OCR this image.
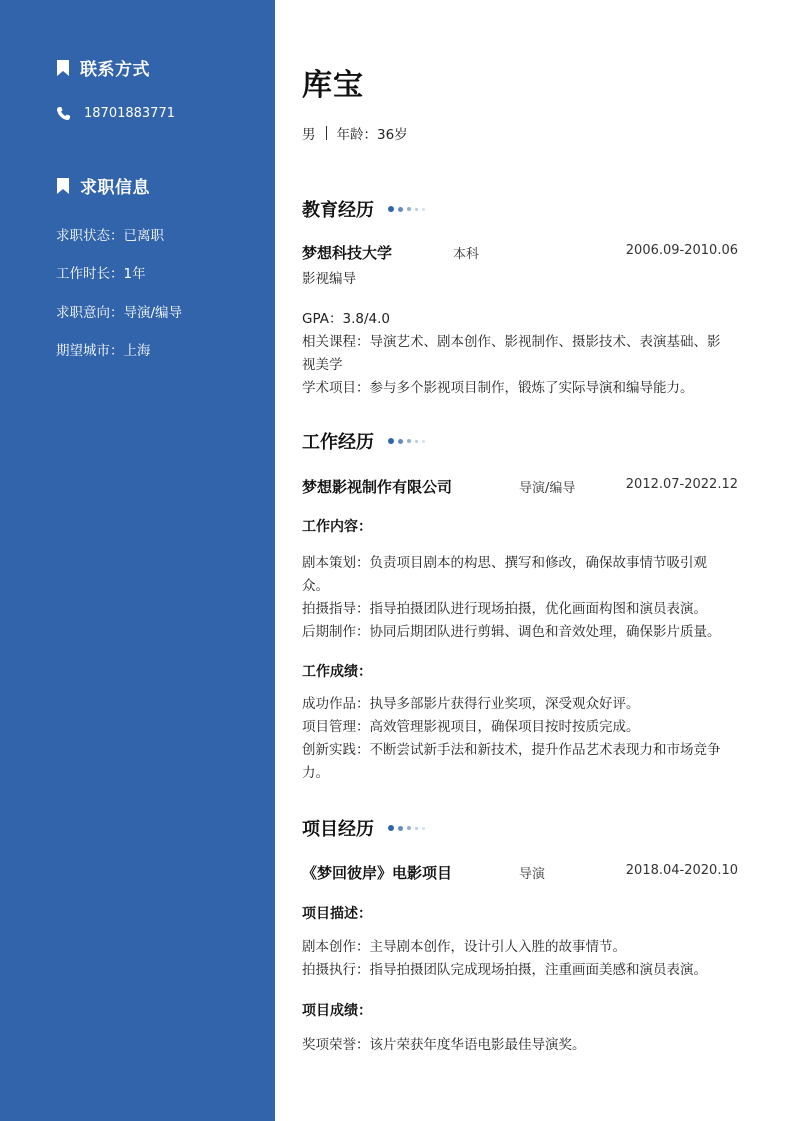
联系方式
18701883771
求职信息
求职状态：已离职
工作时长：1年
求职意向：导演/编导
期望城市：上海
库宝
男 年龄：36岁
教育经历
梦想科技大学	本科	2006.09-2010.06
影视编导
GPA：3.8/4.0
相关课程：导演艺术、剧本创作、影视制作、摄影技术、表演基础、影
视美学
学术项目：参与多个影视项目制作，锻炼了实际导演和编导能力。
工作经历
梦想影视制作有限公司	导演/编导	2012.07-2022.12
工作内容：
剧本策划：负责项目剧本的构思、撰写和修改，确保故事情节吸引观
众。
拍摄指导：指导拍摄团队进行现场拍摄，优化画面构图和演员表演。
后期制作：协同后期团队进行剪辑、调色和音效处理，确保影片质量。
工作成绩：
成功作品：执导多部影片获得行业奖项，深受观众好评。
项目管理：高效管理影视项目，确保项目按时按质完成。
创新实践：不断尝试新手法和新技术，提升作品艺术表现力和市场竞争
力。
项目经历
《梦回彼岸》电影项目	导演	2018.04-2020.10
项目描述：
剧本创作：主导剧本创作，设计引人入胜的故事情节。
拍摄执行：指导拍摄团队完成现场拍摄，注重画面美感和演员表演。
项目成绩：
奖项荣誉：该片荣获年度华语电影最佳导演奖。
